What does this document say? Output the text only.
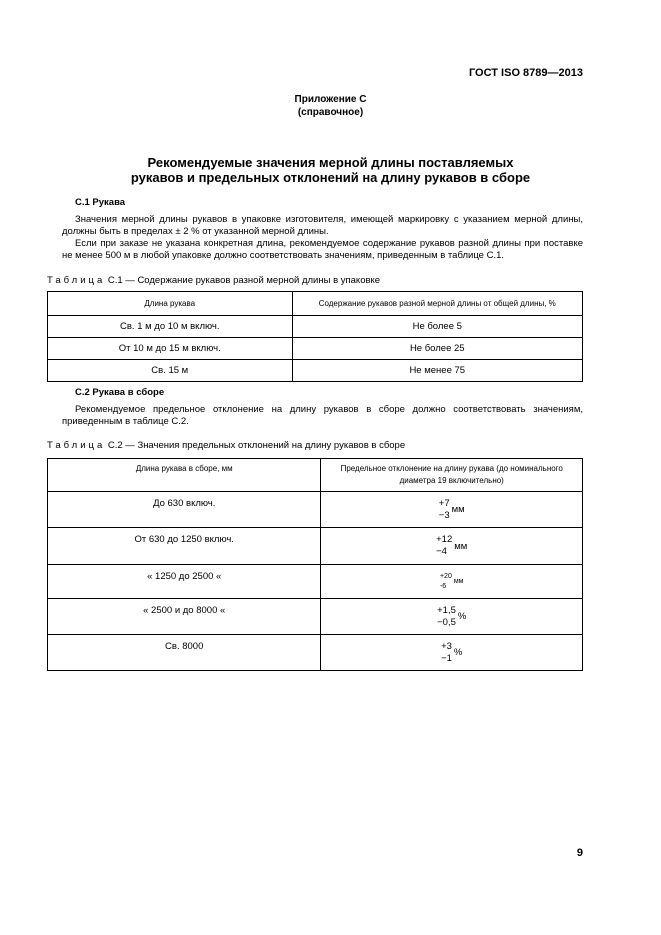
ГОСТ ISO 8789—2013
Приложение С
(справочное)
Рекомендуемые значения мерной длины поставляемых
рукавов и предельных отклонений на длину рукавов в сборе
С.1 Рукава

Значения мерной длины рукавов в упаковке изготовителя, имеющей маркировку с указанием мерной длины, должны быть в пределах ± 2 % от указанной мерной длины.

Если при заказе не указана конкретная длина, рекомендуемое содержание рукавов разной длины при поставке не менее 500 м в любой упаковке должно соответствовать значениям, приведенным в таблице С.1.

Таблица С.1 — Содержание рукавов разной мерной длины в упаковке
Длина рукава	Содержание рукавов разной мерной длины от общей длины, %
Св. 1 м до 10 м включ.	Не более 5
От 10 м до 15 м включ.	Не более 25
Св. 15 м	Не менее 75
С.2 Рукава в сборе

Рекомендуемое предельное отклонение на длину рукавов в сборе должно соответствовать значениям, приведенным в таблице С.2.

Таблица С.2 — Значения предельных отклонений на длину рукавов в сборе
Длина рукава в сборе, мм	Предельное отклонение на длину рукава (до номинального диаметра 19 включительно)
До 630 включ.	+7
−3 мм
От 630 до 1250 включ.	+12
−4 мм
« 1250 до 2500 «	+20
-6мм
« 2500 и до 8000 «	+1,5
−0,5 %
Св. 8000	+3
−1 %
9
